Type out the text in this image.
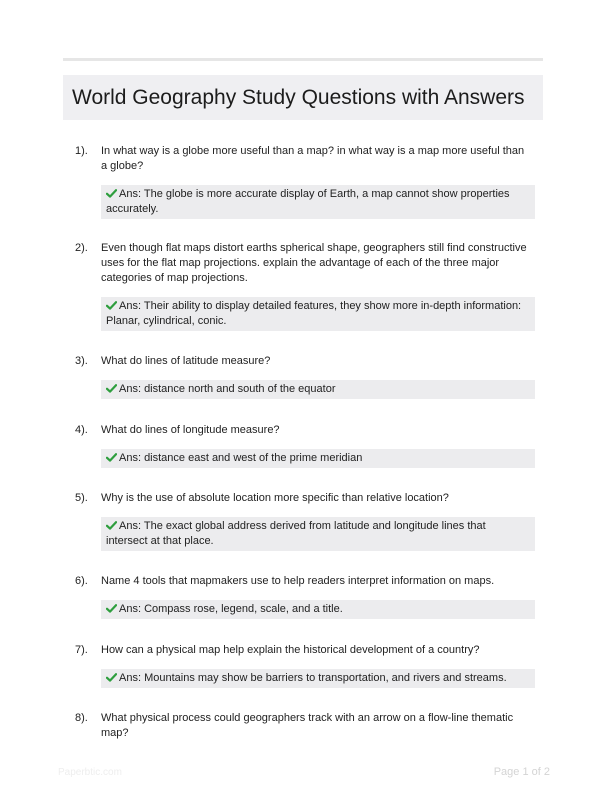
World Geography Study Questions with Answers
1). In what way is a globe more useful than a map? in what way is a map more useful than a globe?
Ans: The globe is more accurate display of Earth, a map cannot show properties accurately.
2). Even though flat maps distort earths spherical shape, geographers still find constructive uses for the flat map projections. explain the advantage of each of the three major categories of map projections.
Ans: Their ability to display detailed features, they show more in-depth information: Planar, cylindrical, conic.
3). What do lines of latitude measure?
Ans: distance north and south of the equator
4). What do lines of longitude measure?
Ans: distance east and west of the prime meridian
5). Why is the use of absolute location more specific than relative location?
Ans: The exact global address derived from latitude and longitude lines that intersect at that place.
6). Name 4 tools that mapmakers use to help readers interpret information on maps.
Ans: Compass rose, legend, scale, and a title.
7). How can a physical map help explain the historical development of a country?
Ans: Mountains may show be barriers to transportation, and rivers and streams.
8). What physical process could geographers track with an arrow on a flow-line thematic map?
Paperbtic.com	Page 1 of 2
